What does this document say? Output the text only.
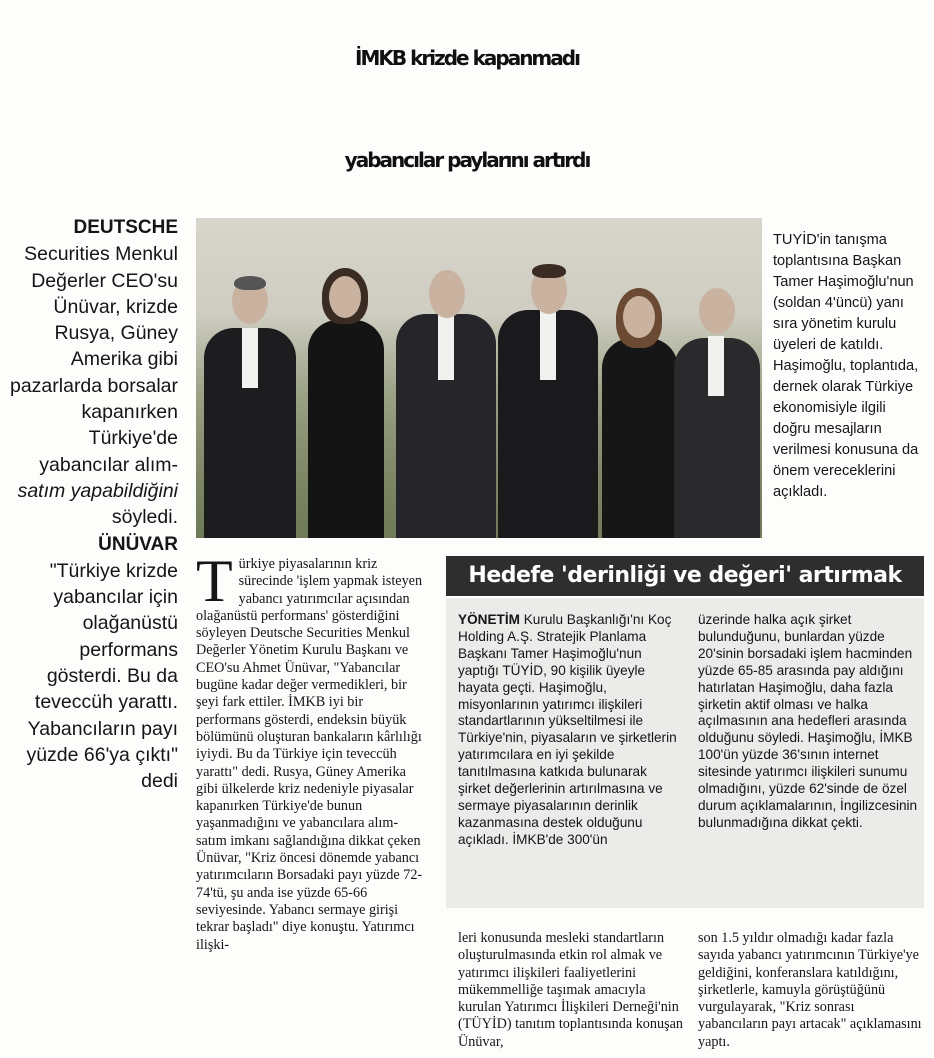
İMKB krizde kapanmadı
yabancılar paylarını artırdı

DEUTSCHE
Securities Menkul Değerler CEO'su Ünüvar, krizde Rusya, Güney Amerika gibi pazarlarda borsalar kapanırken Türkiye'de yabancılar alım- satım yapabildiğini söyledi.

ÜNÜVAR
"Türkiye krizde yabancılar için olağanüstü performans gösterdi. Bu da teveccüh yarattı. Yabancıların payı yüzde 66'ya çıktı" dedi

TUYİD'in tanışma toplantısına Başkan Tamer Haşimoğlu'nun (soldan 4'üncü) yanı sıra yönetim kurulu üyeleri de katıldı. Haşimoğlu, toplantıda, dernek olarak Türkiye ekonomisiyle ilgili doğru mesajların verilmesi konusuna da önem vereceklerini açıkladı.
Türkiye piyasalarının kriz sürecinde 'işlem yapmak isteyen yabancı yatırımcılar açısından olağanüstü performans' gösterdiğini söyleyen Deutsche Securities Menkul Değerler Yönetim Kurulu Başkanı ve CEO'su Ahmet Ünüvar, "Yabancılar bugüne kadar değer vermedikleri, bir şeyi fark ettiler. İMKB iyi bir performans gösterdi, endeksin büyük bölümünü oluşturan bankaların kârlılığı iyiydi. Bu da Türkiye için teveccüh yarattı" dedi. Rusya, Güney Amerika gibi ülkelerde kriz nedeniyle piyasalar kapanırken Türkiye'de bunun yaşanmadığını ve yabancılara alım-satım imkanı sağlandığına dikkat çeken Ünüvar, "Kriz öncesi dönemde yabancı yatırımcıların Borsadaki payı yüzde 72-74'tü, şu anda ise yüzde 65-66 seviyesinde. Yabancı sermaye girişi tekrar başladı" diye konuştu. Yatırımcı ilişki-
Hedefe 'derinliği ve değeri' artırmak
YÖNETİM Kurulu Başkanlığı'nı Koç Holding A.Ş. Stratejik Planlama Başkanı Tamer Haşimoğlu'nun yaptığı TÜYİD, 90 kişilik üyeyle hayata geçti. Haşimoğlu, misyonlarının yatırımcı ilişkileri standartlarının yükseltilmesi ile Türkiye'nin, piyasaların ve şirketlerin yatırımcılara en iyi şekilde tanıtılmasına katkıda bulunarak şirket değerlerinin artırılmasına ve sermaye piyasalarının derinlik kazanmasına destek olduğunu açıkladı. İMKB'de 300'ün
üzerinde halka açık şirket bulunduğunu, bunlardan yüzde 20'sinin borsadaki işlem hacminden yüzde 65-85 arasında pay aldığını hatırlatan Haşimoğlu, daha fazla şirketin aktif olması ve halka açılmasının ana hedefleri arasında olduğunu söyledi. Haşimoğlu, İMKB 100'ün yüzde 36'sının internet sitesinde yatırımcı ilişkileri sunumu olmadığını, yüzde 62'sinde de özel durum açıklamalarının, İngilizcesinin bulunmadığına dikkat çekti.
leri konusunda mesleki standartların oluşturulmasında etkin rol almak ve yatırımcı ilişkileri faaliyetlerini mükemmelliğe taşımak amacıyla kurulan Yatırımcı İlişkileri Derneği'nin (TÜYİD) tanıtım toplantısında konuşan Ünüvar,
son 1.5 yıldır olmadığı kadar fazla sayıda yabancı yatırımcının Türkiye'ye geldiğini, konferanslara katıldığını, şirketlerle, kamuyla görüştüğünü vurgulayarak, "Kriz sonrası yabancıların payı artacak" açıklamasını yaptı.
